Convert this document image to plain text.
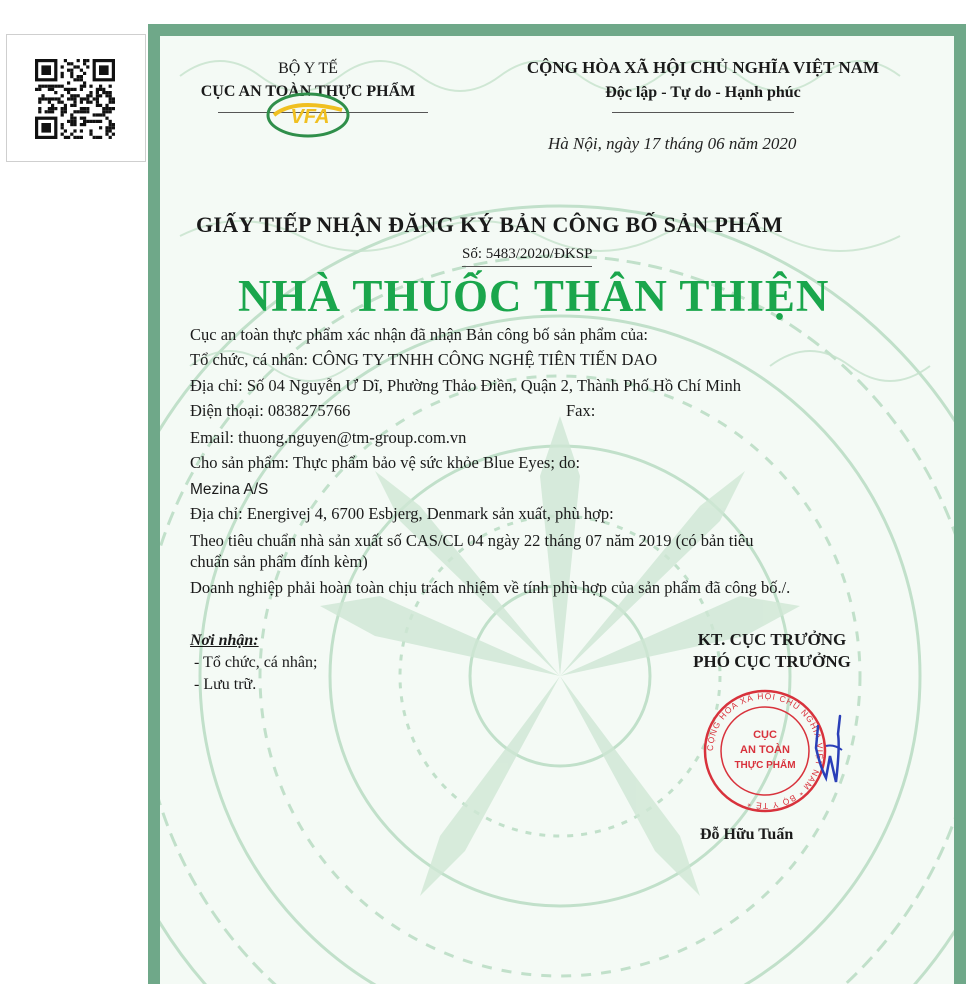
BỘ Y TẾ
CỤC AN TOÀN THỰC PHẨM
VFA
CỘNG HÒA XÃ HỘI CHỦ NGHĨA VIỆT NAM
Độc lập - Tự do - Hạnh phúc
Hà Nội, ngày 17 tháng 06 năm 2020
GIẤY TIẾP NHẬN ĐĂNG KÝ BẢN CÔNG BỐ SẢN PHẨM
Số: 5483/2020/ĐKSP
NHÀ THUỐC THÂN THIỆN
Cục an toàn thực phẩm xác nhận đã nhận Bản công bố sản phẩm của:
Tổ chức, cá nhân: CÔNG TY TNHH CÔNG NGHỆ TIÊN TIẾN DAO
Địa chỉ: Số 04 Nguyễn Ư Dĩ, Phường Thảo Điền, Quận 2, Thành Phố Hồ Chí Minh
Điện thoại: 0838275766	Fax:
Email: thuong.nguyen@tm-group.com.vn
Cho sản phẩm: Thực phẩm bảo vệ sức khỏe Blue Eyes; do:
Mezina A/S
Địa chỉ: Energivej 4, 6700 Esbjerg, Denmark sản xuất, phù hợp:
Theo tiêu chuẩn nhà sản xuất số CAS/CL 04 ngày 22 tháng 07 năm 2019 (có bản tiêu
chuẩn sản phẩm đính kèm)
Doanh nghiệp phải hoàn toàn chịu trách nhiệm về tính phù hợp của sản phẩm đã công bố./.
Nơi nhận:
- Tổ chức, cá nhân;
- Lưu trữ.
KT. CỤC TRƯỞNG
PHÓ CỤC TRƯỞNG
CỘNG HÒA XÃ HỘI CHỦ NGHĨA VIỆT NAM * BỘ Y TẾ *
CỤC
AN TOÀN
THỰC PHẨM
Đỗ Hữu Tuấn
